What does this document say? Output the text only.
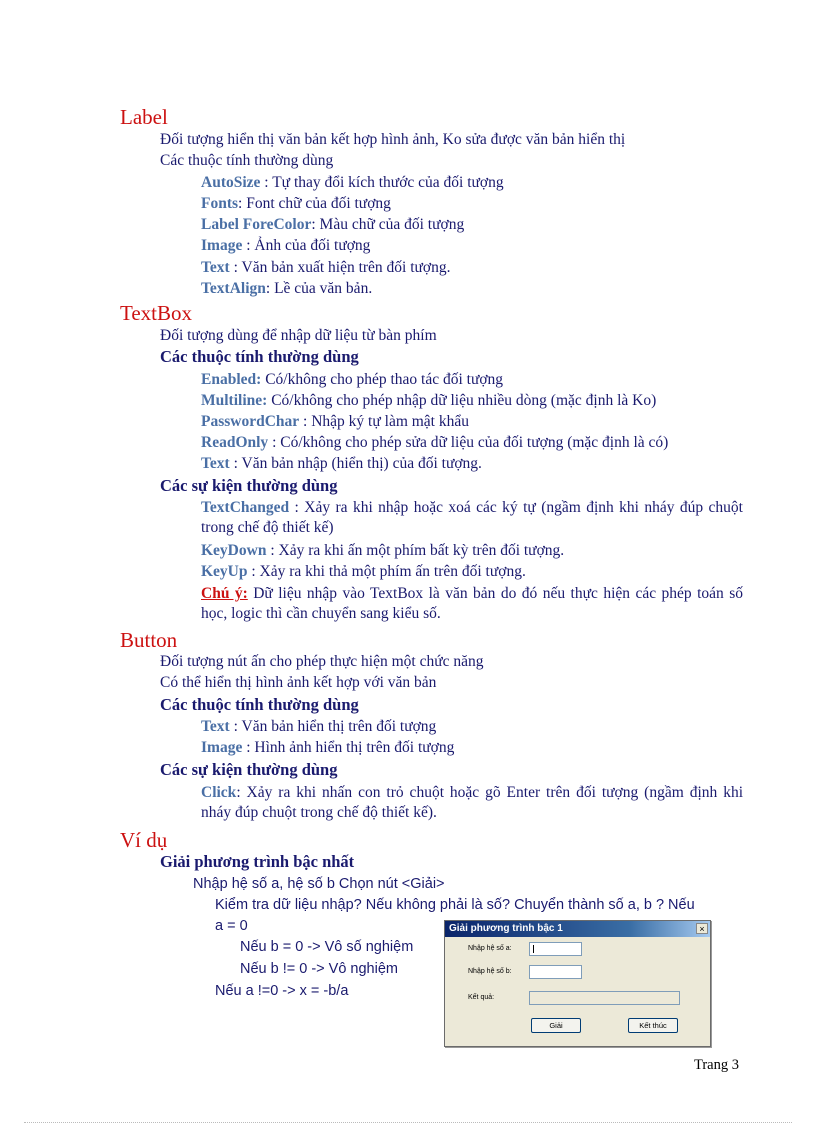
Label
Đối tượng hiển thị văn bản kết hợp hình ảnh, Ko sửa được văn bản hiển thị
Các thuộc tính thường dùng
AutoSize : Tự thay đổi kích thước của đối tượng
Fonts: Font chữ của đối tượng
Label ForeColor: Màu chữ của đối tượng
Image : Ảnh của đối tượng
Text : Văn bản xuất hiện trên đối tượng.
TextAlign: Lề của văn bản.
TextBox
Đối tượng dùng để nhập dữ liệu từ bàn phím
Các thuộc tính thường dùng
Enabled: Có/không cho phép thao tác đối tượng
Multiline: Có/không cho phép nhập dữ liệu nhiều dòng (mặc định là Ko)
PasswordChar : Nhập ký tự làm mật khẩu
ReadOnly : Có/không cho phép sửa dữ liệu của đối tượng (mặc định là có)
Text : Văn bản nhập (hiển thị) của đối tượng.
Các sự kiện thường dùng
TextChanged : Xảy ra khi nhập hoặc xoá các ký tự (ngầm định khi nháy đúp chuột trong chế độ thiết kế)
KeyDown : Xảy ra khi ấn một phím bất kỳ trên đối tượng.
KeyUp : Xảy ra khi thả một phím ấn trên đối tượng.
Chú ý: Dữ liệu nhập vào TextBox là văn bản do đó nếu thực hiện các phép toán số học, logic thì cần chuyển sang kiểu số.
Button
Đối tượng nút ấn cho phép thực hiện một chức năng
Có thể hiển thị hình ảnh kết hợp với văn bản
Các thuộc tính thường dùng
Text : Văn bản hiển thị trên đối tượng
Image : Hình ảnh hiển thị trên đối tượng
Các sự kiện thường dùng
Click: Xảy ra khi nhấn con trỏ chuột hoặc gõ Enter trên đối tượng (ngầm định khi nháy đúp chuột trong chế độ thiết kế).
Ví dụ
Giải phương trình bậc nhất
Nhập hệ số a, hệ số b Chọn nút <Giải>
Kiểm tra dữ liệu nhập? Nếu không phải là số? Chuyển thành số a, b ? Nếu
a = 0
Nếu b = 0 -> Vô số nghiệm
Nếu b != 0 -> Vô nghiệm
Nếu a !=0 -> x = -b/a
Giải phương trình bậc 1	×
Nhập hệ số a:
Nhập hệ số b:
Kết quả:
Giải	Kết thúc
Trang 3
